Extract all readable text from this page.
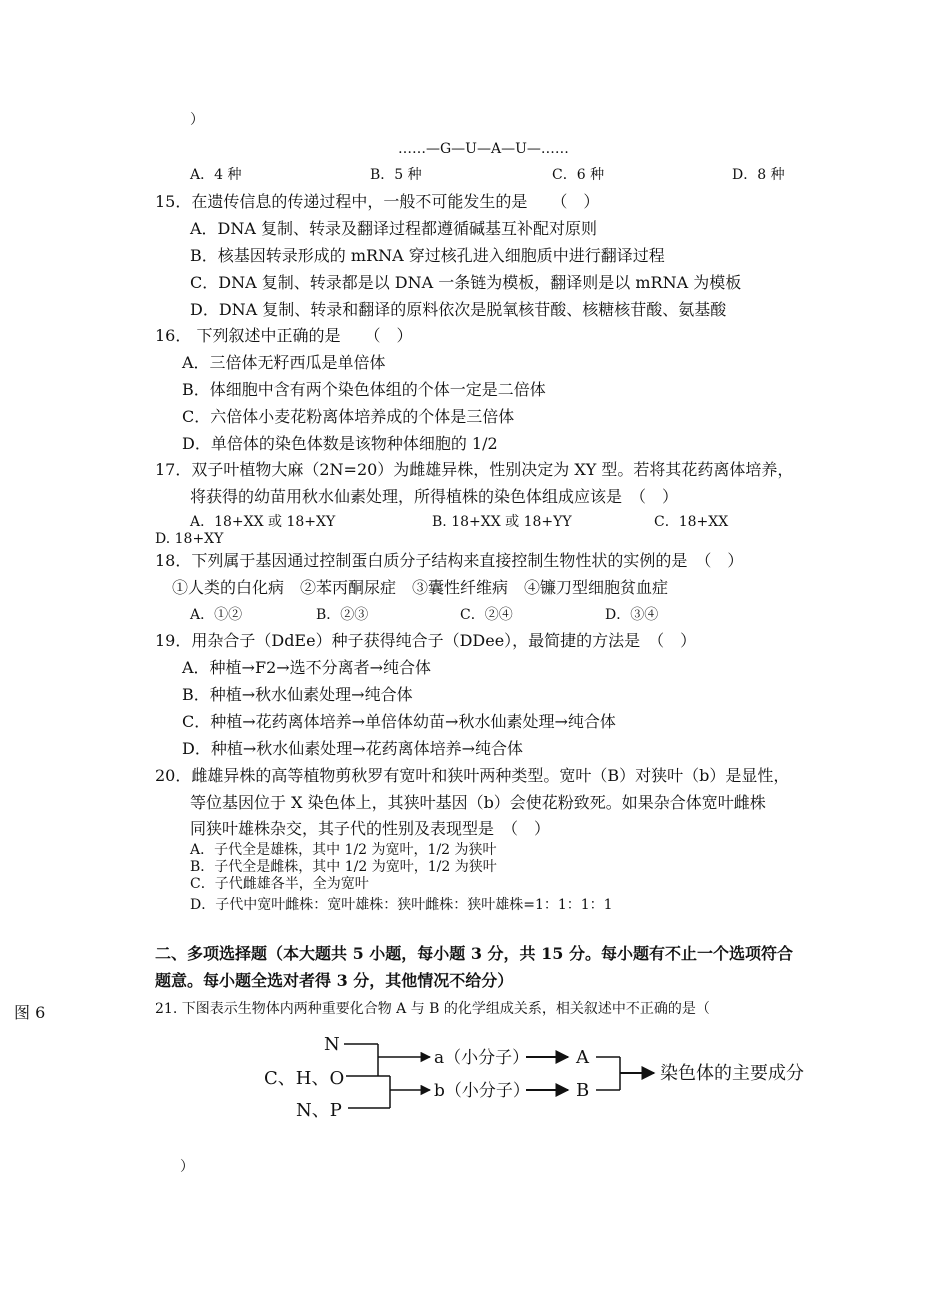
）
……—G—U—A—U—……
A．4 种	B．5 种	C．6 种	D．8 种
15．在遗传信息的传递过程中，一般不可能发生的是　　（　）
A．DNA 复制、转录及翻译过程都遵循碱基互补配对原则
B．核基因转录形成的 mRNA 穿过核孔进入细胞质中进行翻译过程
C．DNA 复制、转录都是以 DNA 一条链为模板，翻译则是以 mRNA 为模板
D．DNA 复制、转录和翻译的原料依次是脱氧核苷酸、核糖核苷酸、氨基酸
16． 下列叙述中正确的是　　（　）
A．三倍体无籽西瓜是单倍体
B．体细胞中含有两个染色体组的个体一定是二倍体
C．六倍体小麦花粉离体培养成的个体是三倍体
D．单倍体的染色体数是该物种体细胞的 1/2
17．双子叶植物大麻（2N=20）为雌雄异株，性别决定为 XY 型。若将其花药离体培养，
将获得的幼苗用秋水仙素处理，所得植株的染色体组成应该是　（　）
A．18+XX 或 18+XY	B. 18+XX 或 18+YY	C．18+XX
D. 18+XY
18．下列属于基因通过控制蛋白质分子结构来直接控制生物性状的实例的是　（　）
①人类的白化病　②苯丙酮尿症　③囊性纤维病　④镰刀型细胞贫血症
A．①②	B．②③	C．②④	D．③④
19．用杂合子（DdEe）种子获得纯合子（DDee），最简捷的方法是　（　）
A．种植→F2→选不分离者→纯合体
B．种植→秋水仙素处理→纯合体
C．种植→花药离体培养→单倍体幼苗→秋水仙素处理→纯合体
D．种植→秋水仙素处理→花药离体培养→纯合体
20．雌雄异株的高等植物剪秋罗有宽叶和狭叶两种类型。宽叶（B）对狭叶（b）是显性，
等位基因位于 X 染色体上，其狭叶基因（b）会使花粉致死。如果杂合体宽叶雌株
同狭叶雄株杂交，其子代的性别及表现型是　（　）
A．子代全是雄株，其中 1/2 为宽叶，1/2 为狭叶
B．子代全是雌株，其中 1/2 为宽叶，1/2 为狭叶
C．子代雌雄各半，全为宽叶
D．子代中宽叶雌株：宽叶雄株：狭叶雌株：狭叶雄株=1：1：1：1
二、多项选择题（本大题共 5 小题，每小题 3 分，共 15 分。每小题有不止一个选项符合
题意。每小题全选对者得 3 分，其他情况不给分）
图 6	21. 下图表示生物体内两种重要化合物 A 与 B 的化学组成关系，相关叙述中不正确的是（
N
C、H、O
N、P
a（小分子）
b（小分子）
A
B
染色体的主要成分
）
